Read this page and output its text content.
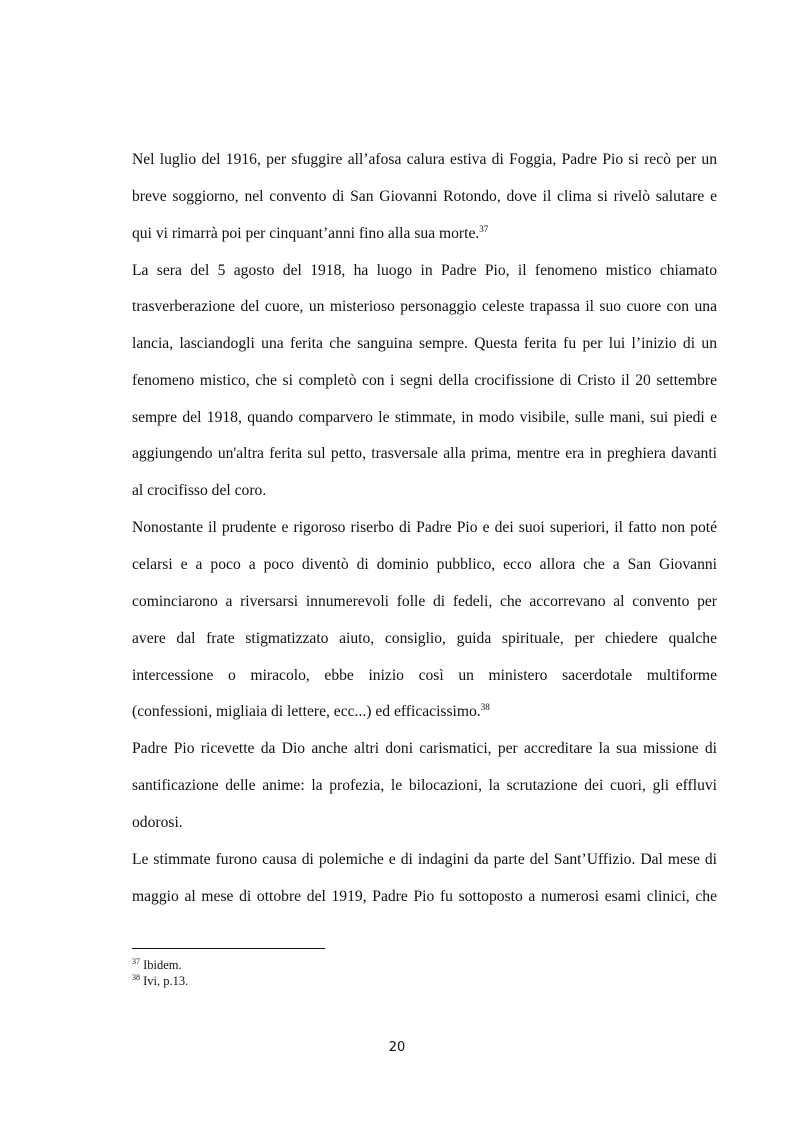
Nel luglio del 1916, per sfuggire all’afosa calura estiva di Foggia, Padre Pio si recò per un
breve soggiorno, nel convento di San Giovanni Rotondo, dove il clima si rivelò salutare e
qui vi rimarrà poi per cinquant’anni fino alla sua morte.$^{37}$
La sera del 5 agosto del 1918, ha luogo in Padre Pio, il fenomeno mistico chiamato
trasverberazione del cuore, un misterioso personaggio celeste trapassa il suo cuore con una
lancia, lasciandogli una ferita che sanguina sempre. Questa ferita fu per lui l’inizio di un
fenomeno mistico, che si completò con i segni della crocifissione di Cristo il 20 settembre
sempre del 1918, quando comparvero le stimmate, in modo visibile, sulle mani, sui piedi e
aggiungendo un'altra ferita sul petto, trasversale alla prima, mentre era in preghiera davanti
al crocifisso del coro.
Nonostante il prudente e rigoroso riserbo di Padre Pio e dei suoi superiori, il fatto non poté
celarsi e a poco a poco diventò di dominio pubblico, ecco allora che a San Giovanni
cominciarono a riversarsi innumerevoli folle di fedeli, che accorrevano al convento per
avere dal frate stigmatizzato aiuto, consiglio, guida spirituale, per chiedere qualche
intercessione o miracolo, ebbe inizio così un ministero sacerdotale multiforme
(confessioni, migliaia di lettere, ecc...) ed efficacissimo.$^{38}$
Padre Pio ricevette da Dio anche altri doni carismatici, per accreditare la sua missione di
santificazione delle anime: la profezia, le bilocazioni, la scrutazione dei cuori, gli effluvi
odorosi.
Le stimmate furono causa di polemiche e di indagini da parte del Sant’Uffizio. Dal mese di
maggio al mese di ottobre del 1919, Padre Pio fu sottoposto a numerosi esami clinici, che
$^{37}$ Ibidem.
$^{38}$ Ivi, p.13.
20
